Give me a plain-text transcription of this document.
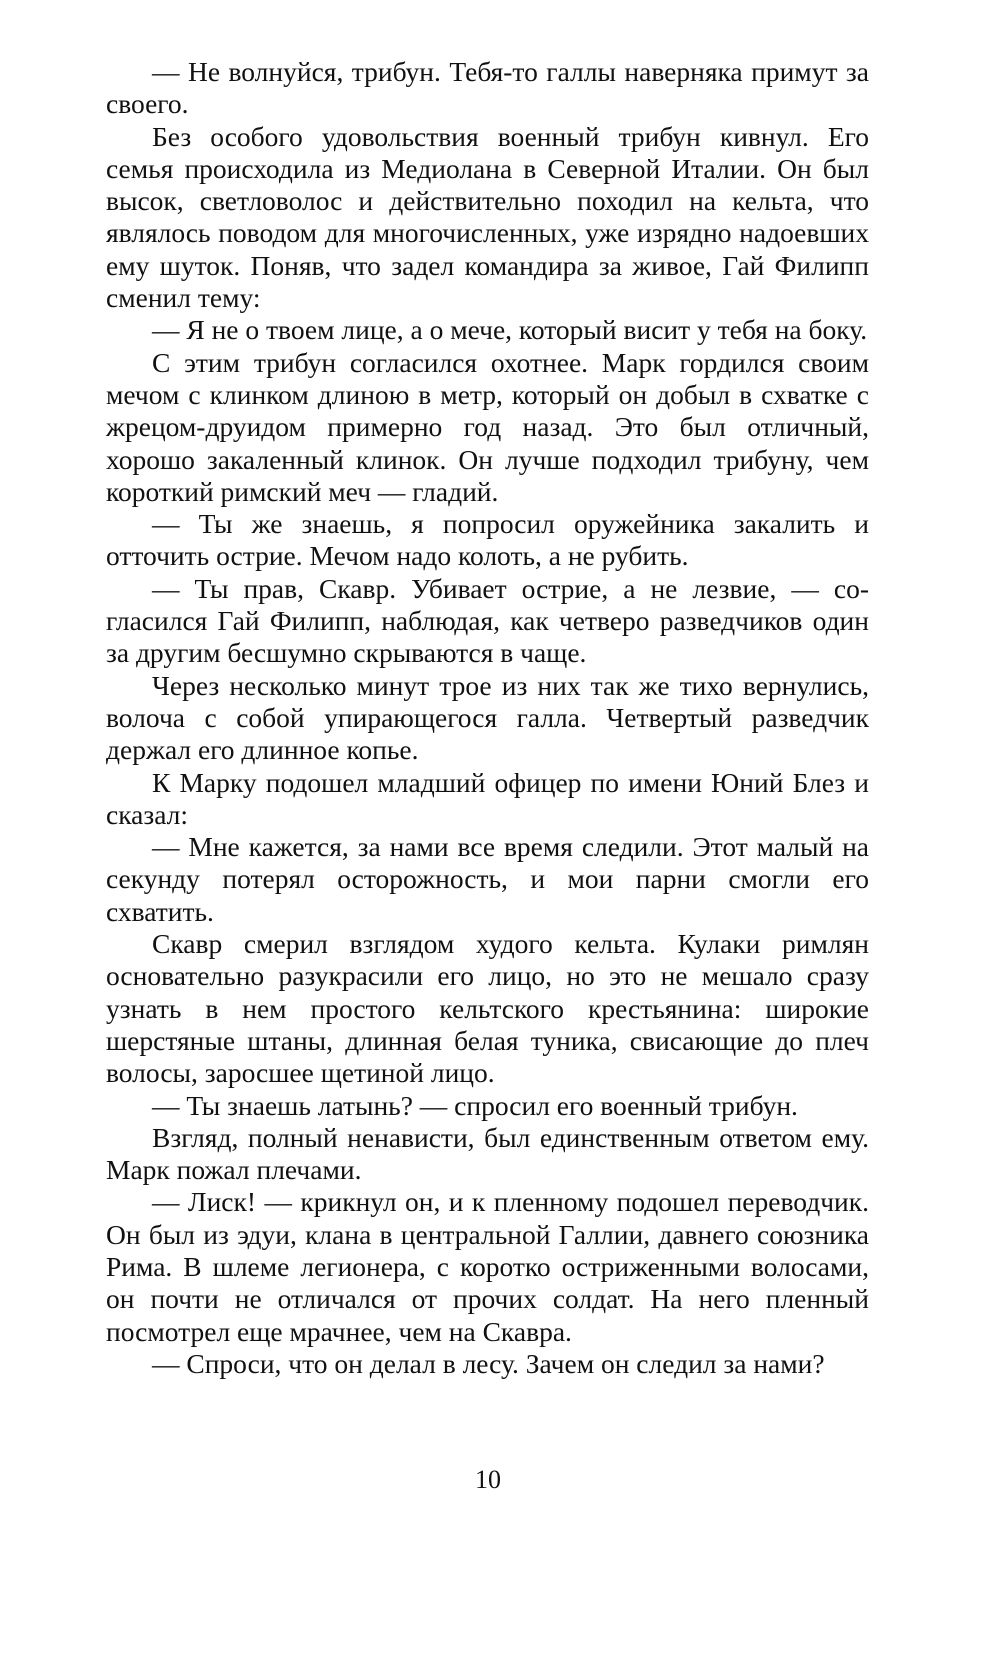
— Не волнуйся, трибун. Тебя-то галлы наверняка примут за своего.

Без особого удовольствия военный трибун кивнул. Его семья происходила из Медиолана в Северной Италии. Он был высок, светловолос и действительно походил на кельта, что являлось поводом для многочисленных, уже изрядно надоевших ему шуток. Поняв, что задел командира за живое, Гай Филипп сменил тему:

— Я не о твоем лице, а о мече, который висит у тебя на боку.

С этим трибун согласился охотнее. Марк гордился своим мечом с клинком длиною в метр, который он добыл в схватке с жрецом-друидом примерно год назад. Это был отличный, хорошо закаленный клинок. Он лучше подходил трибуну, чем короткий римский меч — гладий.

— Ты же знаешь, я попросил оружейника закалить и отточить острие. Мечом надо колоть, а не рубить.

— Ты прав, Скавр. Убивает острие, а не лезвие, — согласился Гай Филипп, наблюдая, как четверо разведчиков один за другим бесшумно скрываются в чаще.

Через несколько минут трое из них так же тихо вернулись, волоча с собой упирающегося галла. Четвертый разведчик держал его длинное копье.

К Марку подошел младший офицер по имени Юний Блез и сказал:

— Мне кажется, за нами все время следили. Этот малый на секунду потерял осторожность, и мои парни смогли его схватить.

Скавр смерил взглядом худого кельта. Кулаки римлян основательно разукрасили его лицо, но это не мешало сразу узнать в нем простого кельтского крестьянина: широкие шерстяные штаны, длинная белая туника, свисающие до плеч волосы, заросшее щетиной лицо.

— Ты знаешь латынь? — спросил его военный трибун.

Взгляд, полный ненависти, был единственным ответом ему. Марк пожал плечами.

— Лиск! — крикнул он, и к пленному подошел переводчик. Он был из эдуи, клана в центральной Галлии, давнего союзника Рима. В шлеме легионера, с коротко остриженными волосами, он почти не отличался от прочих солдат. На него пленный посмотрел еще мрачнее, чем на Скавра.

— Спроси, что он делал в лесу. Зачем он следил за нами?

10
